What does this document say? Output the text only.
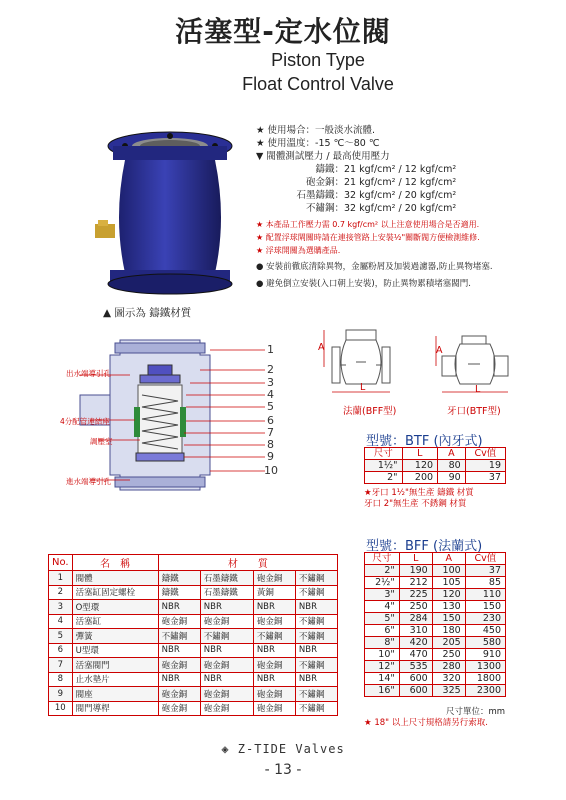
活塞型-定水位閥
Piston Type
Float Control Valve
★ 使用場合：一般淡水流體.
★ 使用溫度：-15 ℃～80 ℃
▼ 閥體測試壓力 / 最高使用壓力
鑄鐵：21 kgf/cm² / 12 kgf/cm²
砲金銅：21 kgf/cm² / 12 kgf/cm²
石墨鑄鐵：32 kgf/cm² / 20 kgf/cm²
不鏽鋼：32 kgf/cm² / 20 kgf/cm²
★ 本產品工作壓力需 0.7 kgf/cm² 以上注意使用場合是否適用.
★ 配置浮球閘關時請在連接管路上安裝½"關斷閥方便檢測維修.
★ 浮球開關為選購產品.
● 安裝前徹底清除異物，金屬粉屑及加裝過濾器,防止異物堵塞.
● 避免倒立安裝(入口朝上安裝)，防止異物累積堵塞閥門.
▲ 圖示為 鑄鐵材質
1
2
3
4
5
6
7
8
9
10
出水端導引孔
4分配管連結座
調壓室
進水端導引孔
A
L
法蘭(BFF型)
A
L
牙口(BTF型)
型號：BTF (內牙式)
尺寸	L	A	Cv值
1½"	120	80	19
2"	200	90	37
★牙口 1½"無生產 鑄鐵 材質
牙口 2"無生產 不銹鋼 材質
型號：BFF (法蘭式)
尺寸	L	A	Cv值
2"	190	100	37
2½"	212	105	85
3"	225	120	110
4"	250	130	150
5"	284	150	230
6"	310	180	450
8"	420	205	580
10"	470	250	910
12"	535	280	1300
14"	600	320	1800
16"	600	325	2300
尺寸單位：mm
★ 18" 以上尺寸規格請另行索取.
No.	名　稱	材　　質			
1	閥體	鑄鐵	石墨鑄鐵	砲金銅	不鏽鋼
2	活塞缸固定螺栓	鑄鐵	石墨鑄鐵	黃銅	不鏽鋼
3	O型環	NBR	NBR	NBR	NBR
4	活塞缸	砲金銅	砲金銅	砲金銅	不鏽鋼
5	彈簧	不鏽鋼	不鏽鋼	不鏽鋼	不鏽鋼
6	U型環	NBR	NBR	NBR	NBR
7	活塞閥門	砲金銅	砲金銅	砲金銅	不鏽鋼
8	止水墊片	NBR	NBR	NBR	NBR
9	閥座	砲金銅	砲金銅	砲金銅	不鏽鋼
10	閥門導桿	砲金銅	砲金銅	砲金銅	不鏽鋼
◈ Z-TIDE Valves
- 13 -
